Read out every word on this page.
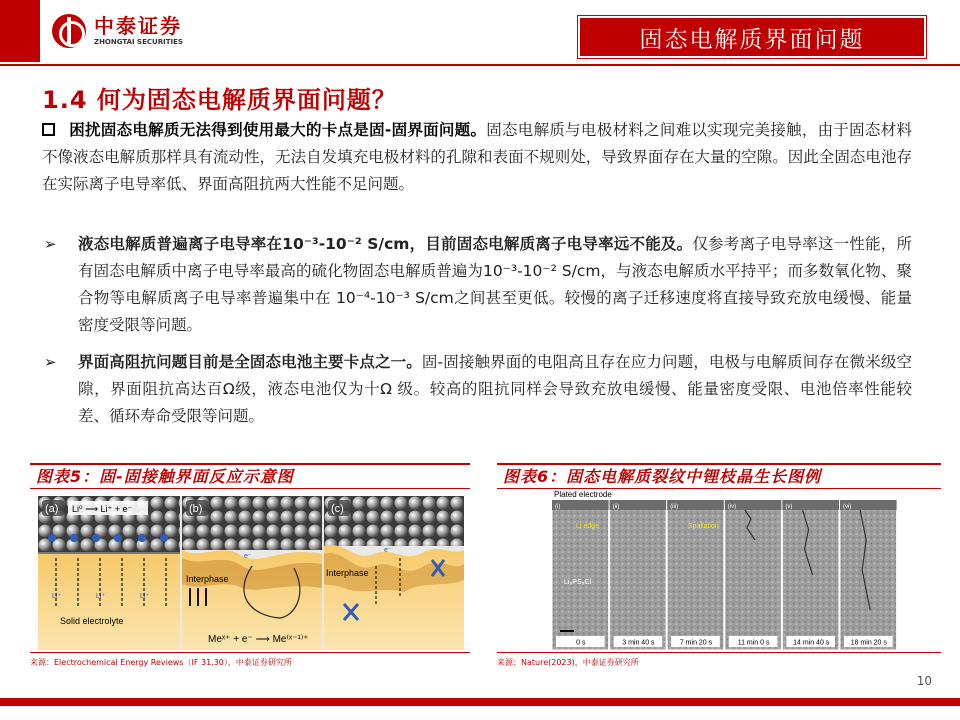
中泰证券
ZHONGTAI SECURITIES	固态电解质界面问题
1.4 何为固态电解质界面问题？
困扰固态电解质无法得到使用最大的卡点是固-固界面问题。固态电解质与电极材料之间难以实现完美接触，由于固态材料不像液态电解质那样具有流动性，无法自发填充电极材料的孔隙和表面不规则处，导致界面存在大量的空隙。因此全固态电池存在实际离子电导率低、界面高阻抗两大性能不足问题。
➢ 液态电解质普遍离子电导率在10⁻³-10⁻² S/cm，目前固态电解质离子电导率远不能及。仅参考离子电导率这一性能，所有固态电解质中离子电导率最高的硫化物固态电解质普遍为10⁻³-10⁻² S/cm，与液态电解质水平持平；而多数氧化物、聚合物等电解质离子电导率普遍集中在 10⁻⁴-10⁻³ S/cm之间甚至更低。较慢的离子迁移速度将直接导致充放电缓慢、能量密度受限等问题。
➢ 界面高阻抗问题目前是全固态电池主要卡点之一。固-固接触界面的电阻高且存在应力问题，电极与电解质间存在微米级空隙，界面阻抗高达百Ω级，液态电池仅为十Ω 级。较高的阻抗同样会导致充放电缓慢、能量密度受限、电池倍率性能较差、循环寿命受限等问题。
图表5：固-固接触界面反应示意图
Li⁺	Li⁺	Li⁺
(a) Li⁰ ⟶ Li⁺ + e⁻
Solid electrolyte
(b)
Interphase
e⁻
Meˣ⁺ + e⁻ ⟶ Me⁽ˣ⁻¹⁾⁺
(c)
Interphase
e⁻
来源：Electrochemical Energy Reviews（IF 31.30），中泰证券研究所
图表6：固态电解质裂纹中锂枝晶生长图例
Plated electrode
(i)
0 s
(ii)
3 min 40 s
(iii)
7 min 20 s
(iv)
11 min 0 s
(v)
14 min 40 s
(vi)
18 min 20 s
Li edge	Spallation
Li₆PS₅Cl
来源：Nature(2023)，中泰证券研究所
10
